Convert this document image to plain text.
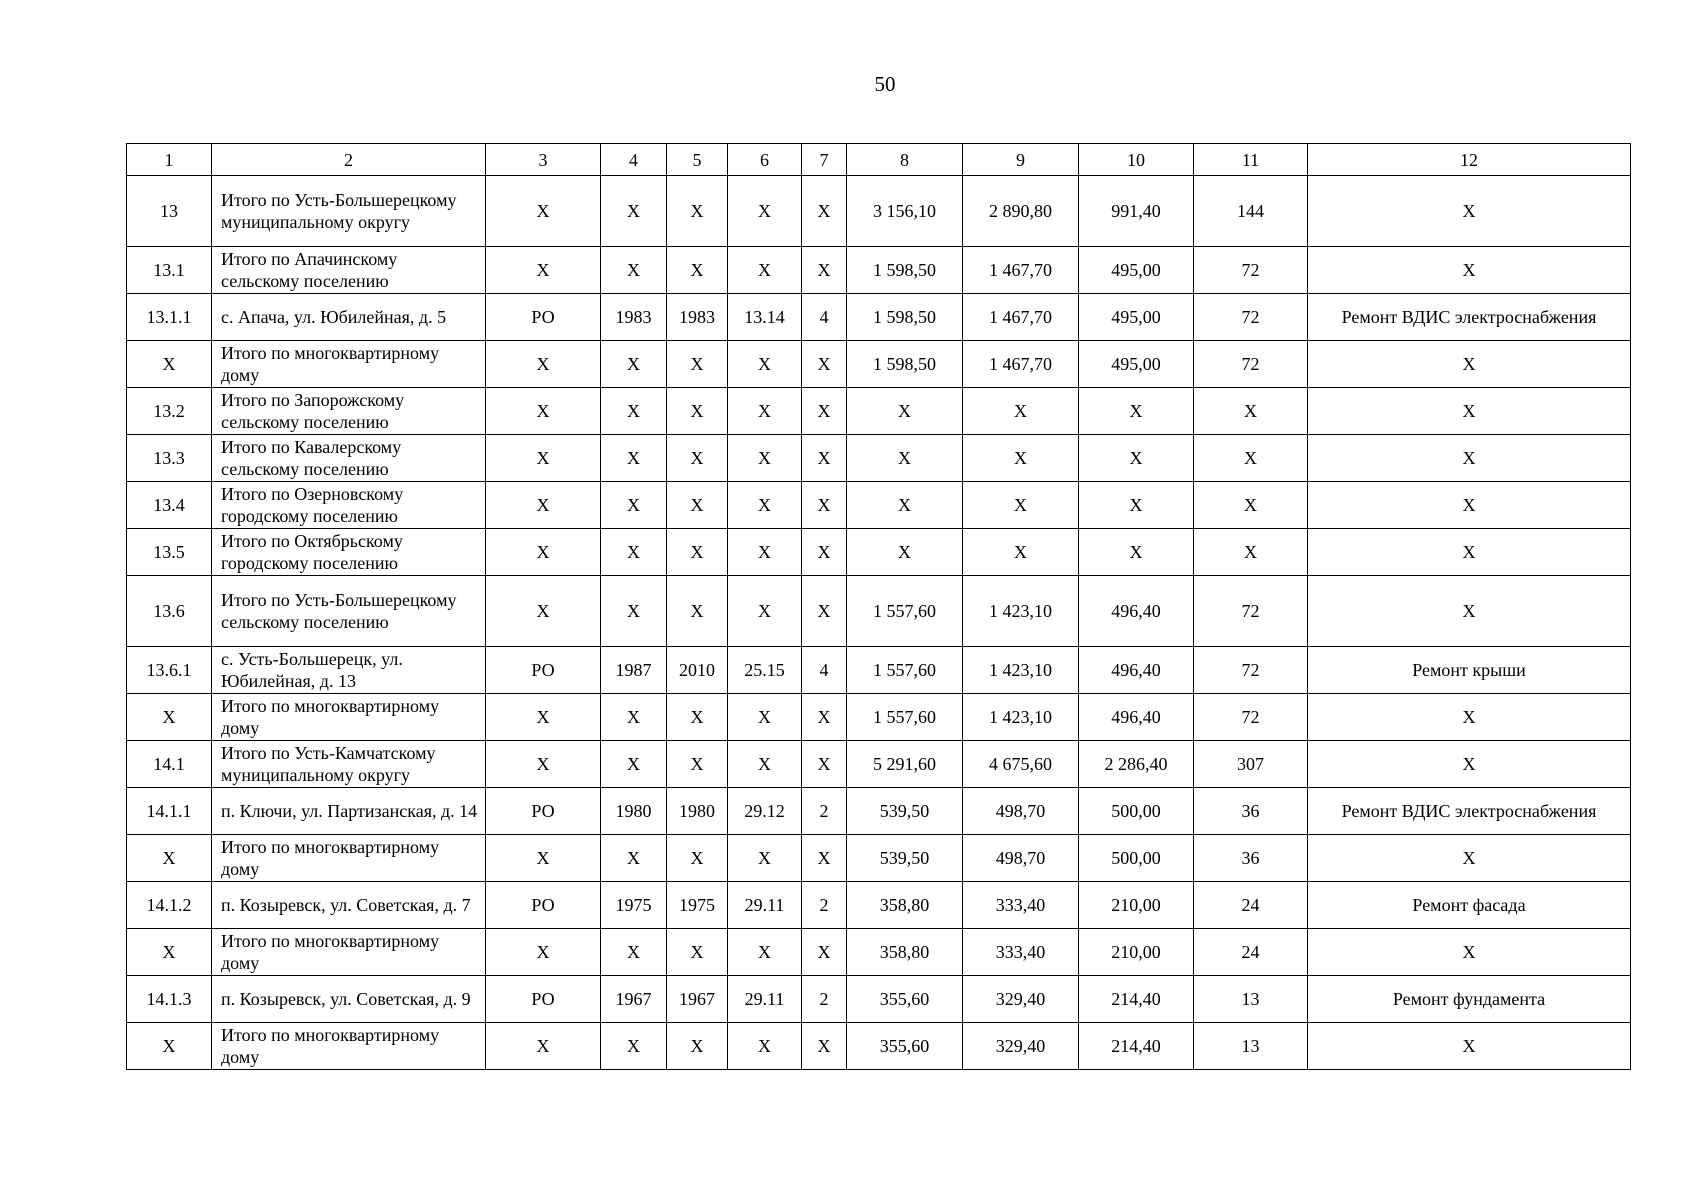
50
1	2	3	4	5	6	7	8	9	10	11	12
13	Итого по Усть-Большерецкому муниципальному округу	X	X	X	X	X	3 156,10	2 890,80	991,40	144	X
13.1	Итого по Апачинскому сельскому поселению	X	X	X	X	X	1 598,50	1 467,70	495,00	72	X
13.1.1	с. Апача, ул. Юбилейная, д. 5	РО	1983	1983	13.14	4	1 598,50	1 467,70	495,00	72	Ремонт ВДИС электроснабжения
X	Итого по многоквартирному дому	X	X	X	X	X	1 598,50	1 467,70	495,00	72	X
13.2	Итого по Запорожскому сельскому поселению	X	X	X	X	X	X	X	X	X	X
13.3	Итого по Кавалерскому сельскому поселению	X	X	X	X	X	X	X	X	X	X
13.4	Итого по Озерновскому городскому поселению	X	X	X	X	X	X	X	X	X	X
13.5	Итого по Октябрьскому городскому поселению	X	X	X	X	X	X	X	X	X	X
13.6	Итого по Усть-Большерецкому сельскому поселению	X	X	X	X	X	1 557,60	1 423,10	496,40	72	X
13.6.1	с. Усть-Большерецк, ул. Юбилейная, д. 13	РО	1987	2010	25.15	4	1 557,60	1 423,10	496,40	72	Ремонт крыши
X	Итого по многоквартирному дому	X	X	X	X	X	1 557,60	1 423,10	496,40	72	X
14.1	Итого по Усть-Камчатскому муниципальному округу	X	X	X	X	X	5 291,60	4 675,60	2 286,40	307	X
14.1.1	п. Ключи, ул. Партизанская, д. 14	РО	1980	1980	29.12	2	539,50	498,70	500,00	36	Ремонт ВДИС электроснабжения
X	Итого по многоквартирному дому	X	X	X	X	X	539,50	498,70	500,00	36	X
14.1.2	п. Козыревск, ул. Советская, д. 7	РО	1975	1975	29.11	2	358,80	333,40	210,00	24	Ремонт фасада
X	Итого по многоквартирному дому	X	X	X	X	X	358,80	333,40	210,00	24	X
14.1.3	п. Козыревск, ул. Советская, д. 9	РО	1967	1967	29.11	2	355,60	329,40	214,40	13	Ремонт фундамента
X	Итого по многоквартирному дому	X	X	X	X	X	355,60	329,40	214,40	13	X
